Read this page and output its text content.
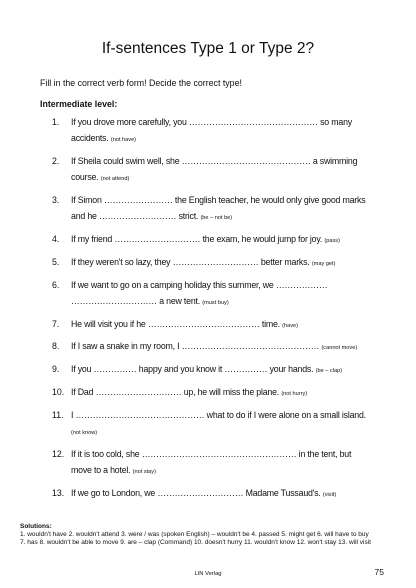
If-sentences Type 1 or Type 2?
Fill in the correct verb form! Decide the correct type!
Intermediate level:
1. If you drove more carefully, you ……………………………………… so many accidents. (not have)
2. If Sheila could swim well, she ……………………………………… a swimming course. (not attend)
3. If Simon …………………… the English teacher, he would only give good marks and he ……………………… strict. (be – not be)
4. If my friend ………………………… the exam, he would jump for joy. (pass)
5. If they weren't so lazy, they ………………………… better marks. (may get)
6. If we want to go on a camping holiday this summer, we ……………… ………………………… a new tent. (must buy)
7. He will visit you if he ………………………………… time. (have)
8. If I saw a snake in my room, I ………………………………………… (cannot move)
9. If you …………… happy and you know it …………… your hands. (be – clap)
10. If Dad ………………………… up, he will miss the plane. (not hurry)
11. I ……………………………………… what to do if I were alone on a small island. (not know)
12. If it is too cold, she ……………………………………………… in the tent, but move to a hotel. (not stay)
13. If we go to London, we ………………………… Madame Tussaud's. (visit)
Solutions:
1. wouldn't have 2. wouldn't attend 3. were / was (spoken English) – wouldn't be 4. passed 5. might get 6. will have to buy 7. has 8. wouldn't be able to move 9. are – clap (Command) 10. doesn't hurry 11. wouldn't know 12. won't stay 13. will visit
LIN Verlag	75
